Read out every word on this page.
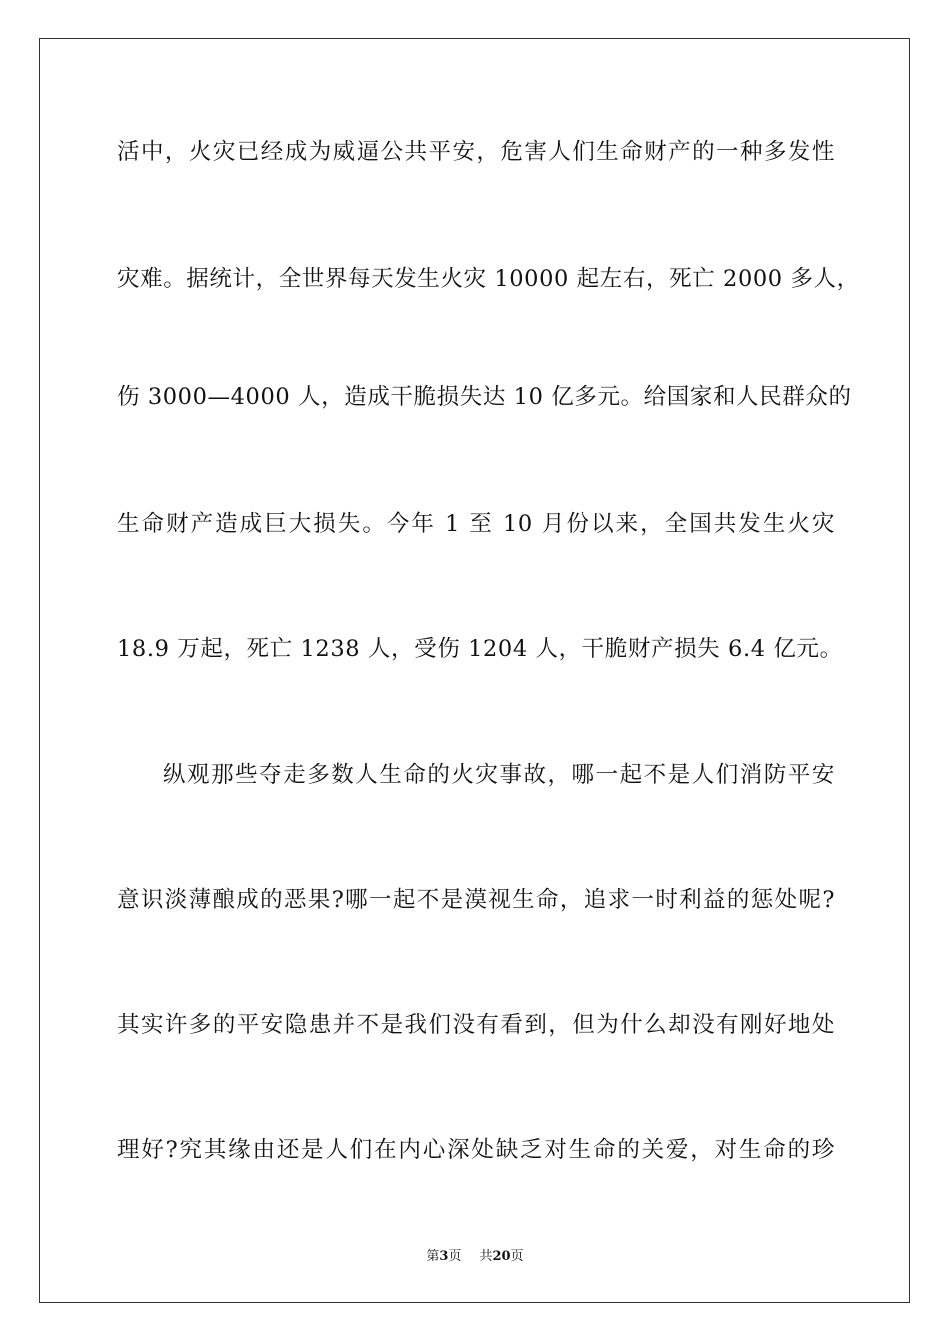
活中，火灾已经成为威逼公共平安，危害人们生命财产的一种多发性
灾难。据统计，全世界每天发生火灾 10000 起左右，死亡 2000 多人，
伤 3000—4000 人，造成干脆损失达 10 亿多元。给国家和人民群众的
生命财产造成巨大损失。今年 1 至 10 月份以来，全国共发生火灾
18.9 万起，死亡 1238 人，受伤 1204 人，干脆财产损失 6.4 亿元。
纵观那些夺走多数人生命的火灾事故，哪一起不是人们消防平安
意识淡薄酿成的恶果?哪一起不是漠视生命，追求一时利益的惩处呢?
其实许多的平安隐患并不是我们没有看到，但为什么却没有刚好地处
理好?究其缘由还是人们在内心深处缺乏对生命的关爱，对生命的珍
第3页 共20页
